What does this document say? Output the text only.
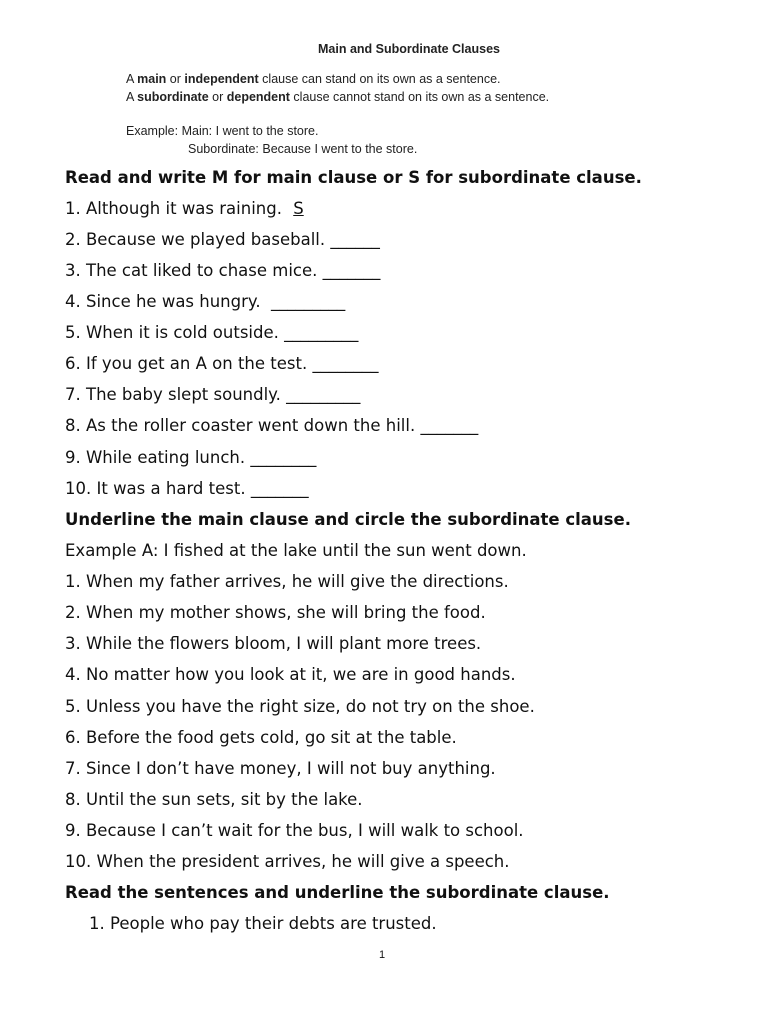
Main and Subordinate Clauses
A main or independent clause can stand on its own as a sentence.
A subordinate or dependent clause cannot stand on its own as a sentence.
Example: Main: I went to the store.
Subordinate: Because I went to the store.
Read and write M for main clause or S for subordinate clause.
1. Although it was raining. S
2. Because we played baseball. ______
3. The cat liked to chase mice. _______
4. Since he was hungry.  _________
5. When it is cold outside. _________
6. If you get an A on the test. ________
7. The baby slept soundly. _________
8. As the roller coaster went down the hill. _______
9. While eating lunch. ________
10. It was a hard test. _______
Underline the main clause and circle the subordinate clause.
Example A: I fished at the lake until the sun went down.
1. When my father arrives, he will give the directions.
2. When my mother shows, she will bring the food.
3. While the flowers bloom, I will plant more trees.
4. No matter how you look at it, we are in good hands.
5. Unless you have the right size, do not try on the shoe.
6. Before the food gets cold, go sit at the table.
7. Since I don’t have money, I will not buy anything.
8. Until the sun sets, sit by the lake.
9. Because I can’t wait for the bus, I will walk to school.
10. When the president arrives, he will give a speech.
Read the sentences and underline the subordinate clause.
1. People who pay their debts are trusted.
1
